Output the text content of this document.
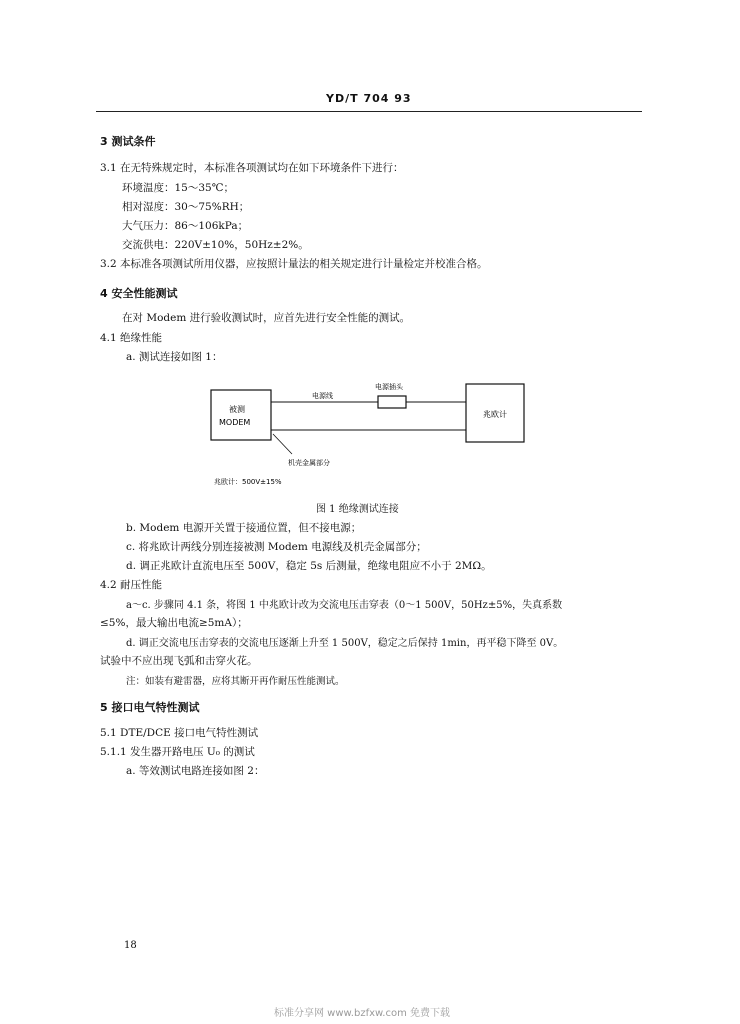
YD/T 704 93
3 测试条件
3.1 在无特殊规定时，本标准各项测试均在如下环境条件下进行：
环境温度：15～35℃；
相对湿度：30～75%RH；
大气压力：86～106kPa；
交流供电：220V±10%，50Hz±2%。
3.2 本标准各项测试所用仪器，应按照计量法的相关规定进行计量检定并校准合格。
4 安全性能测试
在对 Modem 进行验收测试时，应首先进行安全性能的测试。
4.1 绝缘性能
a. 测试连接如图 1：
被测
MODEM
兆欧计
电源线
电源插头
机壳金属部分
兆欧计：500V±15%
图 1 绝缘测试连接
b. Modem 电源开关置于接通位置，但不接电源；
c. 将兆欧计两线分别连接被测 Modem 电源线及机壳金属部分；
d. 调正兆欧计直流电压至 500V，稳定 5s 后测量，绝缘电阻应不小于 2MΩ。
4.2 耐压性能
a～c. 步骤同 4.1 条，将图 1 中兆欧计改为交流电压击穿表（0～1 500V，50Hz±5%，失真系数
≤5%，最大输出电流≥5mA）；
d. 调正交流电压击穿表的交流电压逐渐上升至 1 500V，稳定之后保持 1min，再平稳下降至 0V。
试验中不应出现飞弧和击穿火花。
注：如装有避雷器，应将其断开再作耐压性能测试。
5 接口电气特性测试
5.1 DTE/DCE 接口电气特性测试
5.1.1 发生器开路电压 U₀ 的测试
a. 等效测试电路连接如图 2：
18
标准分享网 www.bzfxw.com 免费下载
